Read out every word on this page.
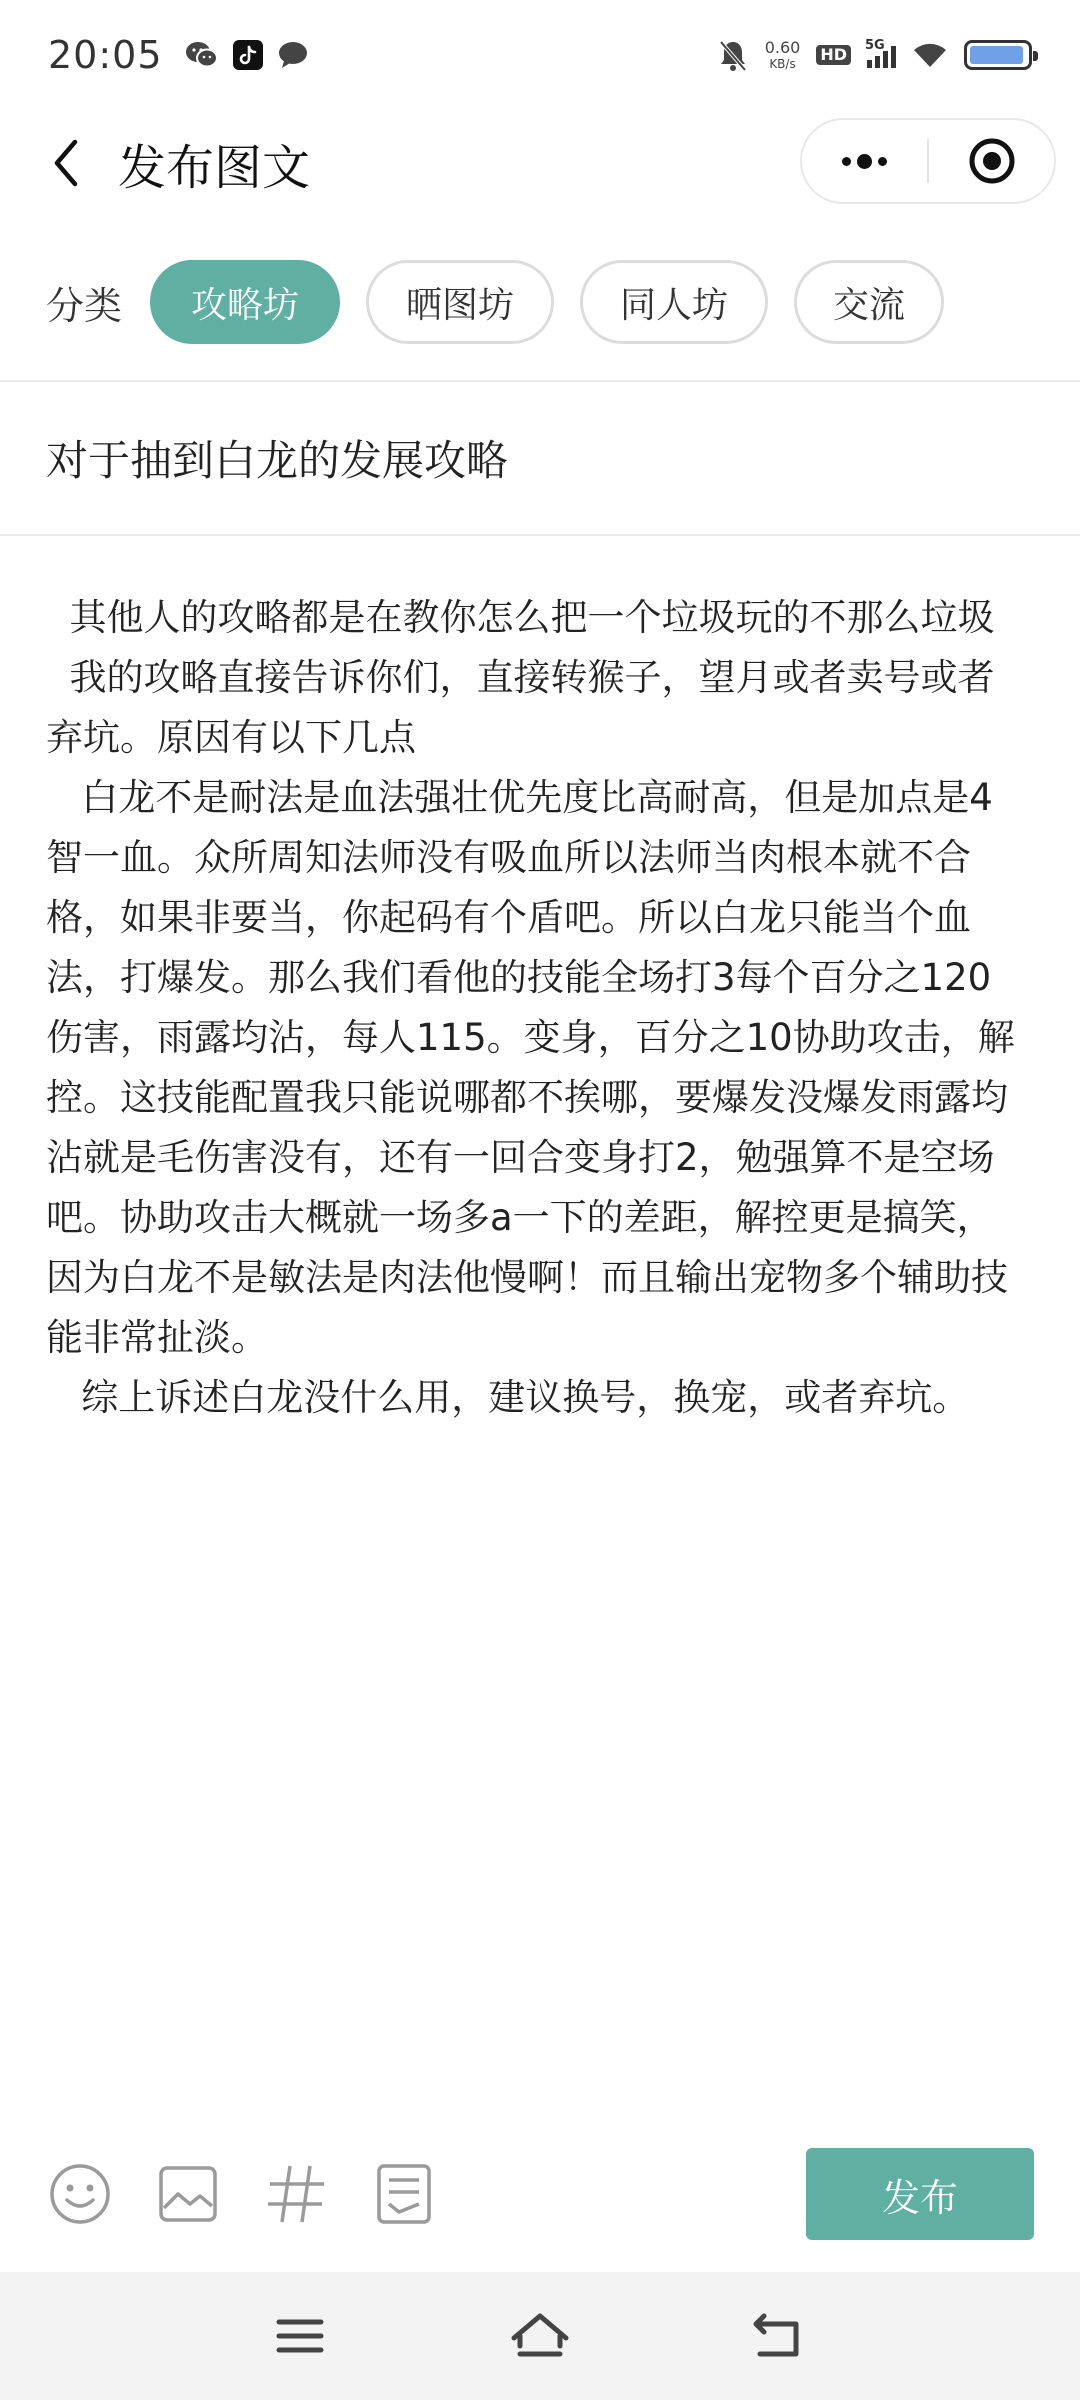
20:05	0.60
KB/s HD	5G
发布图文
分类	攻略坊	晒图坊	同人坊	交流
对于抽到白龙的发展攻略

其他人的攻略都是在教你怎么把一个垃圾玩的不那么垃圾

我的攻略直接告诉你们，直接转猴子，望月或者卖号或者弃坑。原因有以下几点

白龙不是耐法是血法强壮优先度比高耐高，但是加点是4智一血。众所周知法师没有吸血所以法师当肉根本就不合格，如果非要当，你起码有个盾吧。所以白龙只能当个血法，打爆发。那么我们看他的技能全场打3每个百分之120伤害，雨露均沾，每人115。变身，百分之10协助攻击，解控。这技能配置我只能说哪都不挨哪，要爆发没爆发雨露均沾就是毛伤害没有，还有一回合变身打2，勉强算不是空场吧。协助攻击大概就一场多a一下的差距，解控更是搞笑，因为白龙不是敏法是肉法他慢啊！而且输出宠物多个辅助技能非常扯淡。

综上诉述白龙没什么用，建议换号，换宠，或者弃坑。

发布
